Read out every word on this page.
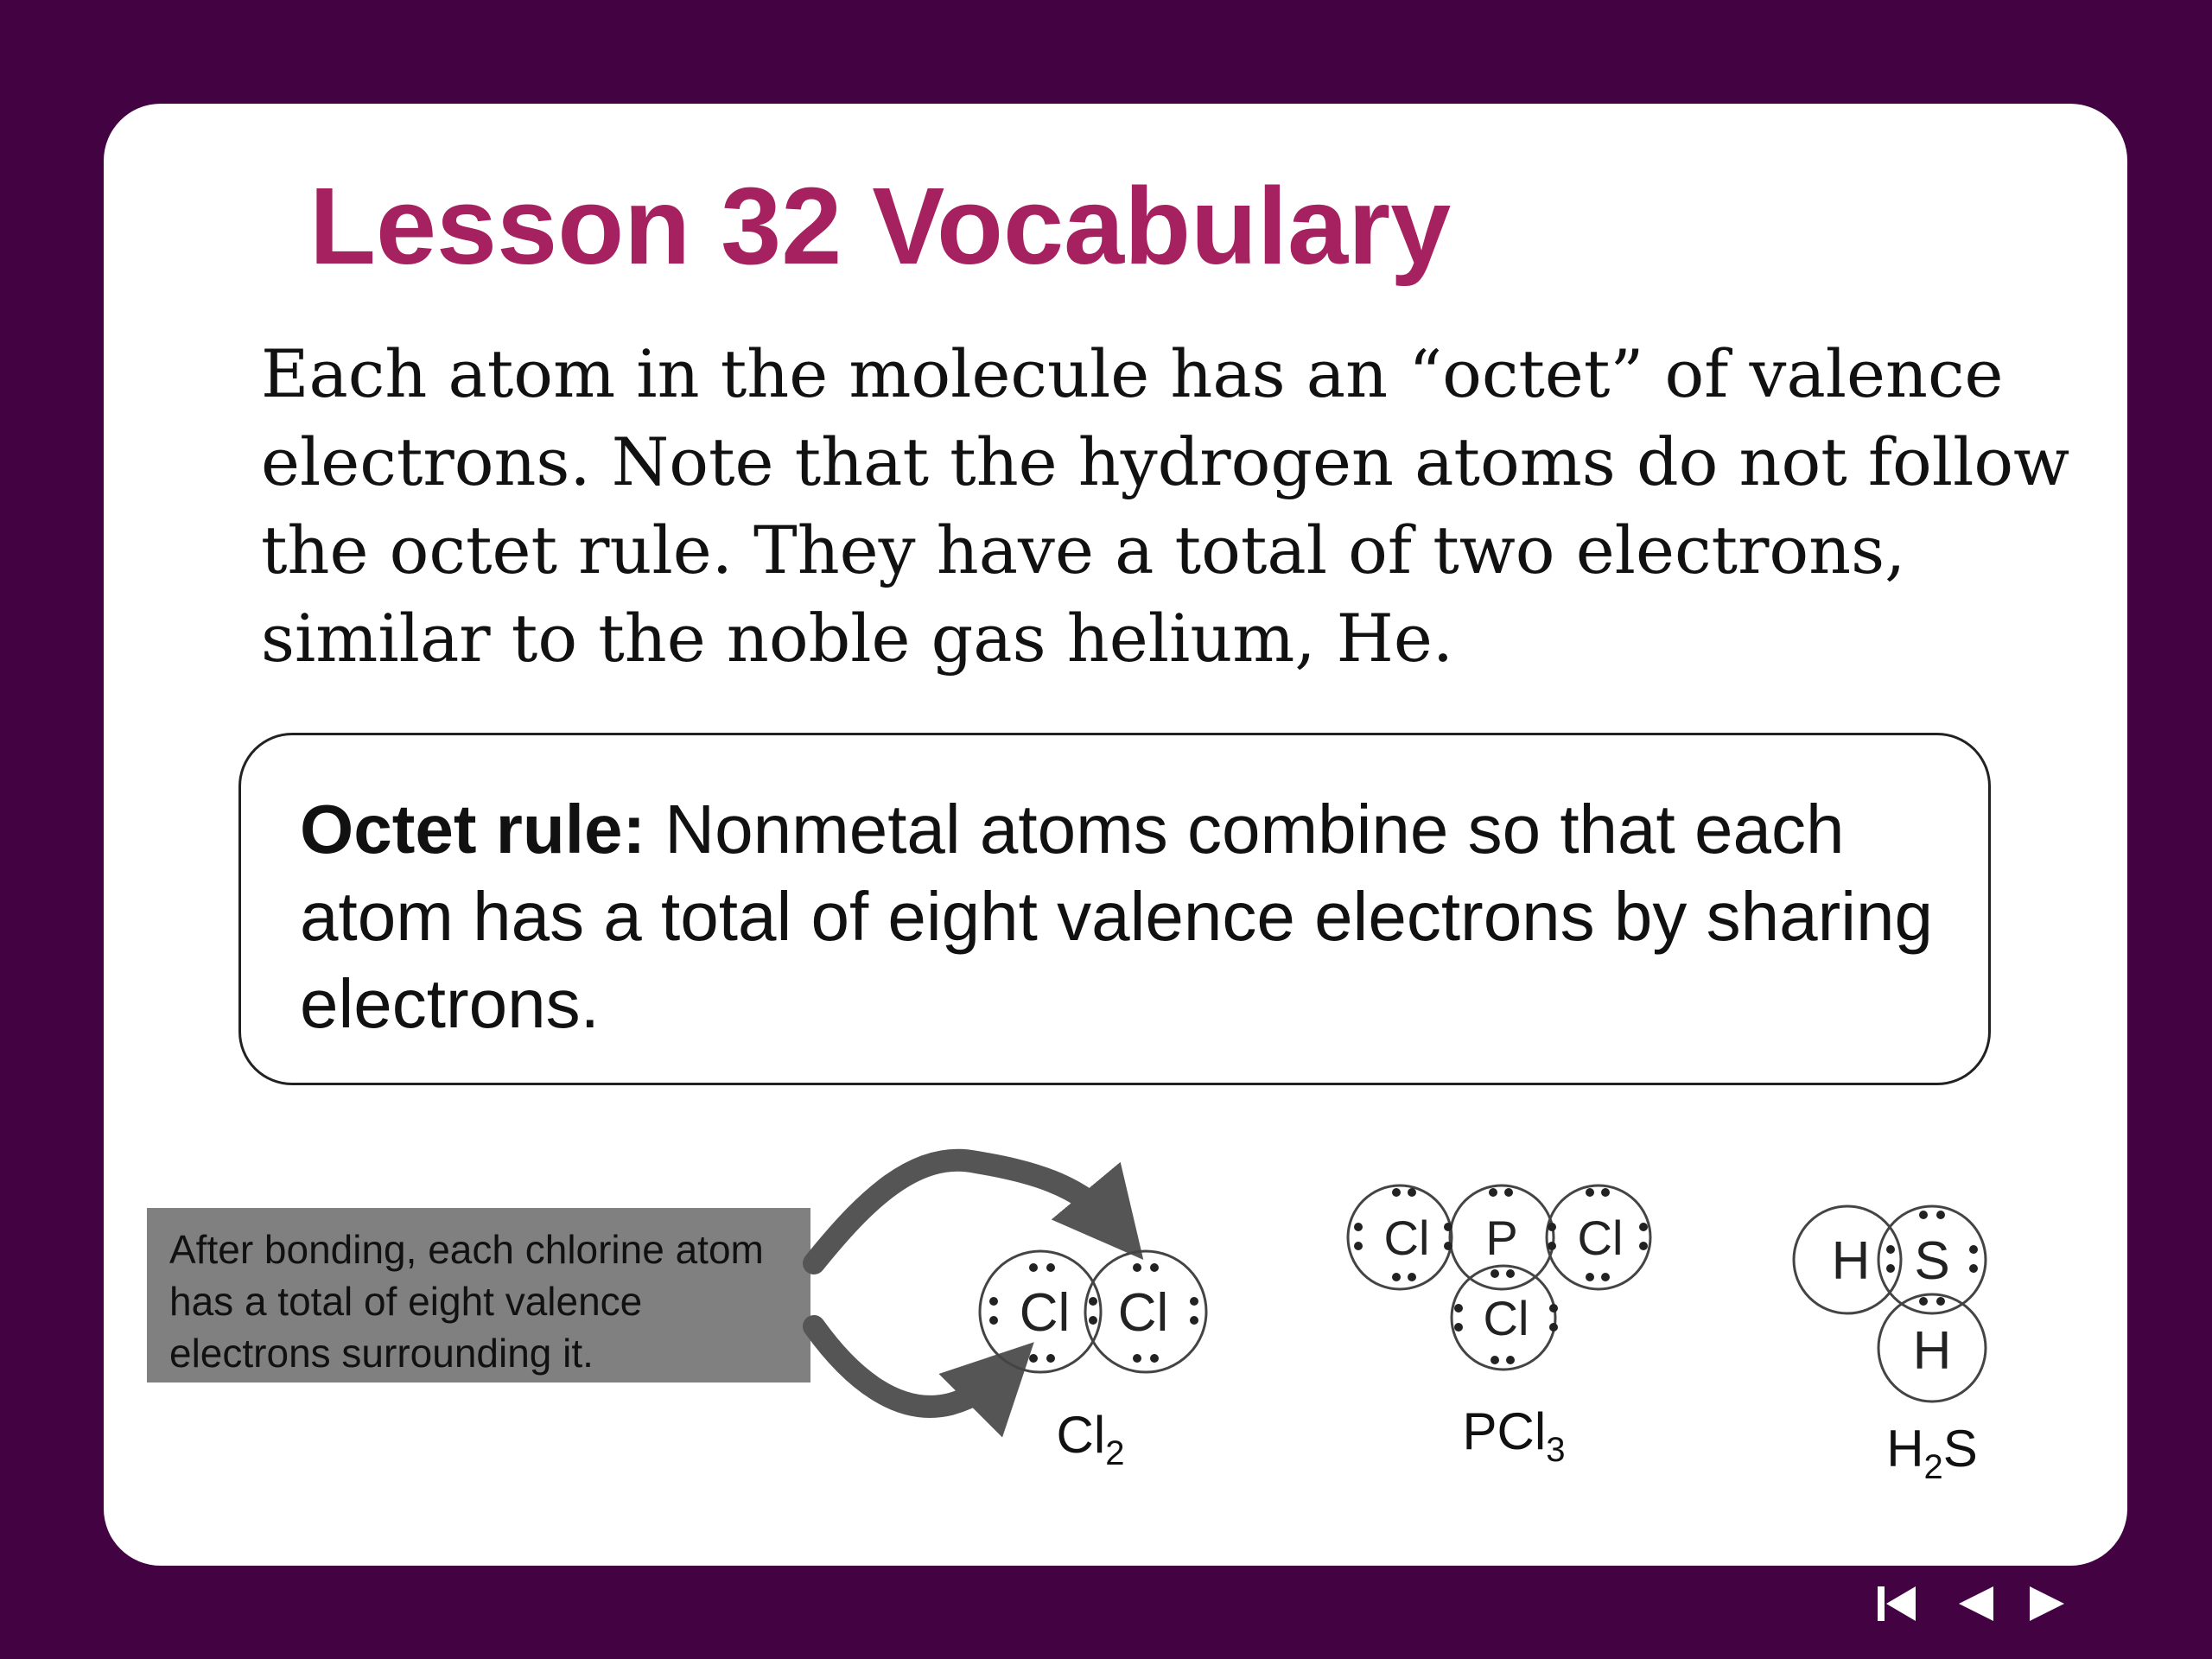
Lesson 32 Vocabulary

Each atom in the molecule has an “octet” of valence electrons. Note that the hydrogen atoms do not follow the octet rule. They have a total of two electrons, similar to the noble gas helium, He.

Octet rule: Nonmetal atoms combine so that each atom has a total of eight valence electrons by sharing electrons.

After bonding, each chlorine atom has a total of eight valence electrons surrounding it.

Cl Cl
Cl P Cl
Cl
H S
H
$Cl_2$	PCl$_3$	$H_2S$
